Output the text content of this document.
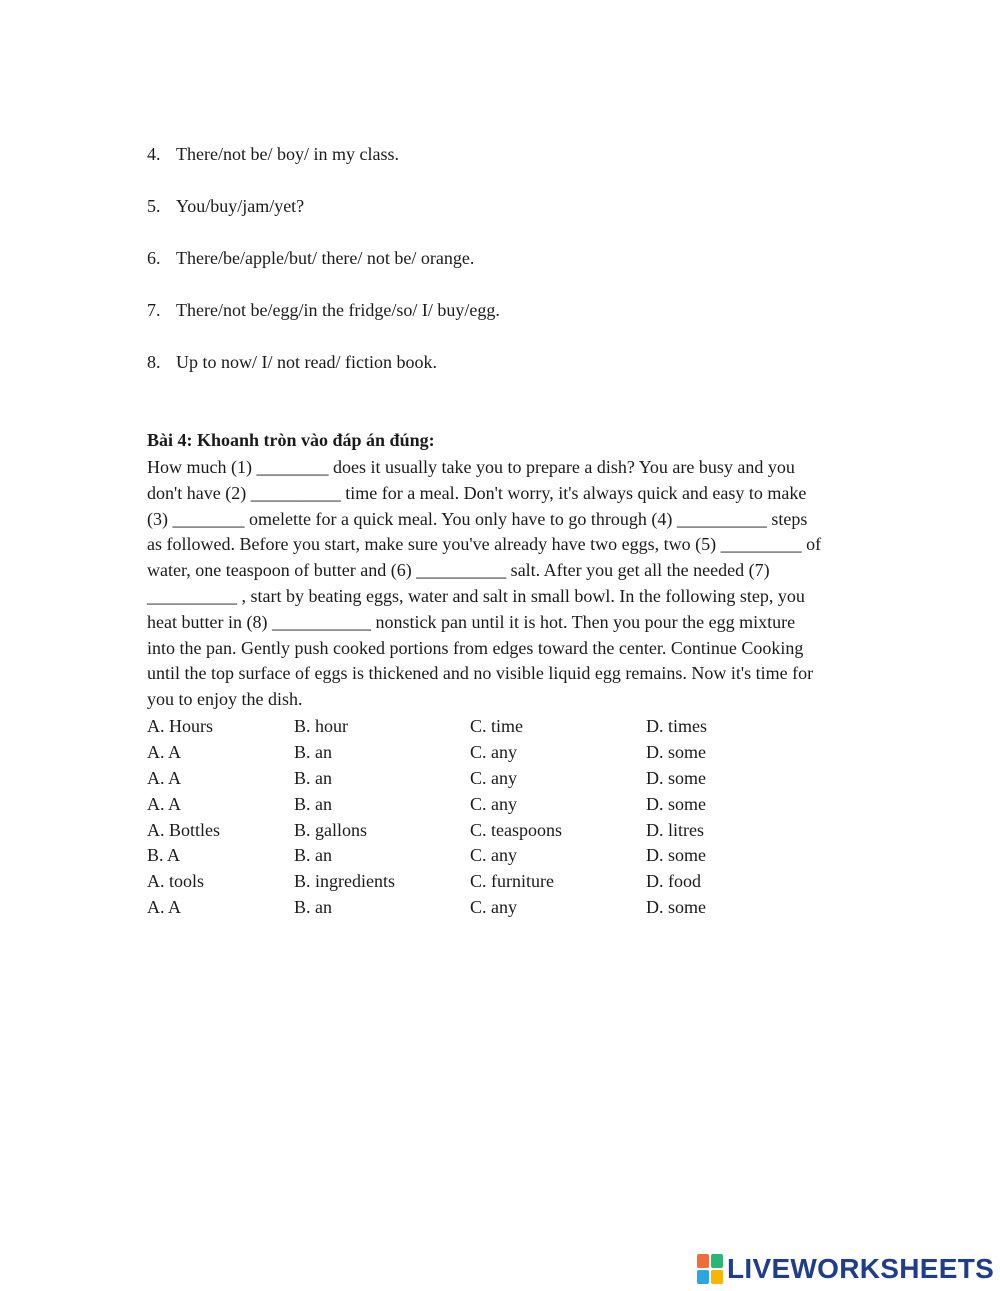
4. There/not be/ boy/ in my class.
5. You/buy/jam/yet?
6. There/be/apple/but/ there/ not be/ orange.
7. There/not be/egg/in the fridge/so/ I/ buy/egg.
8. Up to now/ I/ not read/ fiction book.
Bài 4: Khoanh tròn vào đáp án đúng:
How much (1) ________ does it usually take you to prepare a dish? You are busy and you
don't have (2) __________ time for a meal. Don't worry, it's always quick and easy to make
(3) ________ omelette for a quick meal. You only have to go through (4) __________ steps
as followed. Before you start, make sure you've already have two eggs, two (5) _________ of
water, one teaspoon of butter and (6) __________ salt. After you get all the needed (7)
__________ , start by beating eggs, water and salt in small bowl. In the following step, you
heat butter in (8) ___________ nonstick pan until it is hot. Then you pour the egg mixture
into the pan. Gently push cooked portions from edges toward the center. Continue Cooking
until the top surface of eggs is thickened and no visible liquid egg remains. Now it's time for
you to enjoy the dish.
A. Hours	B. hour	C. time	D. times
A. A	B. an	C. any	D. some
A. A	B. an	C. any	D. some
A. A	B. an	C. any	D. some
A. Bottles	B. gallons	C. teaspoons	D. litres
B. A	B. an	C. any	D. some
A. tools	B. ingredients	C. furniture	D. food
A. A	B. an	C. any	D. some
LIVEWORKSHEETS
